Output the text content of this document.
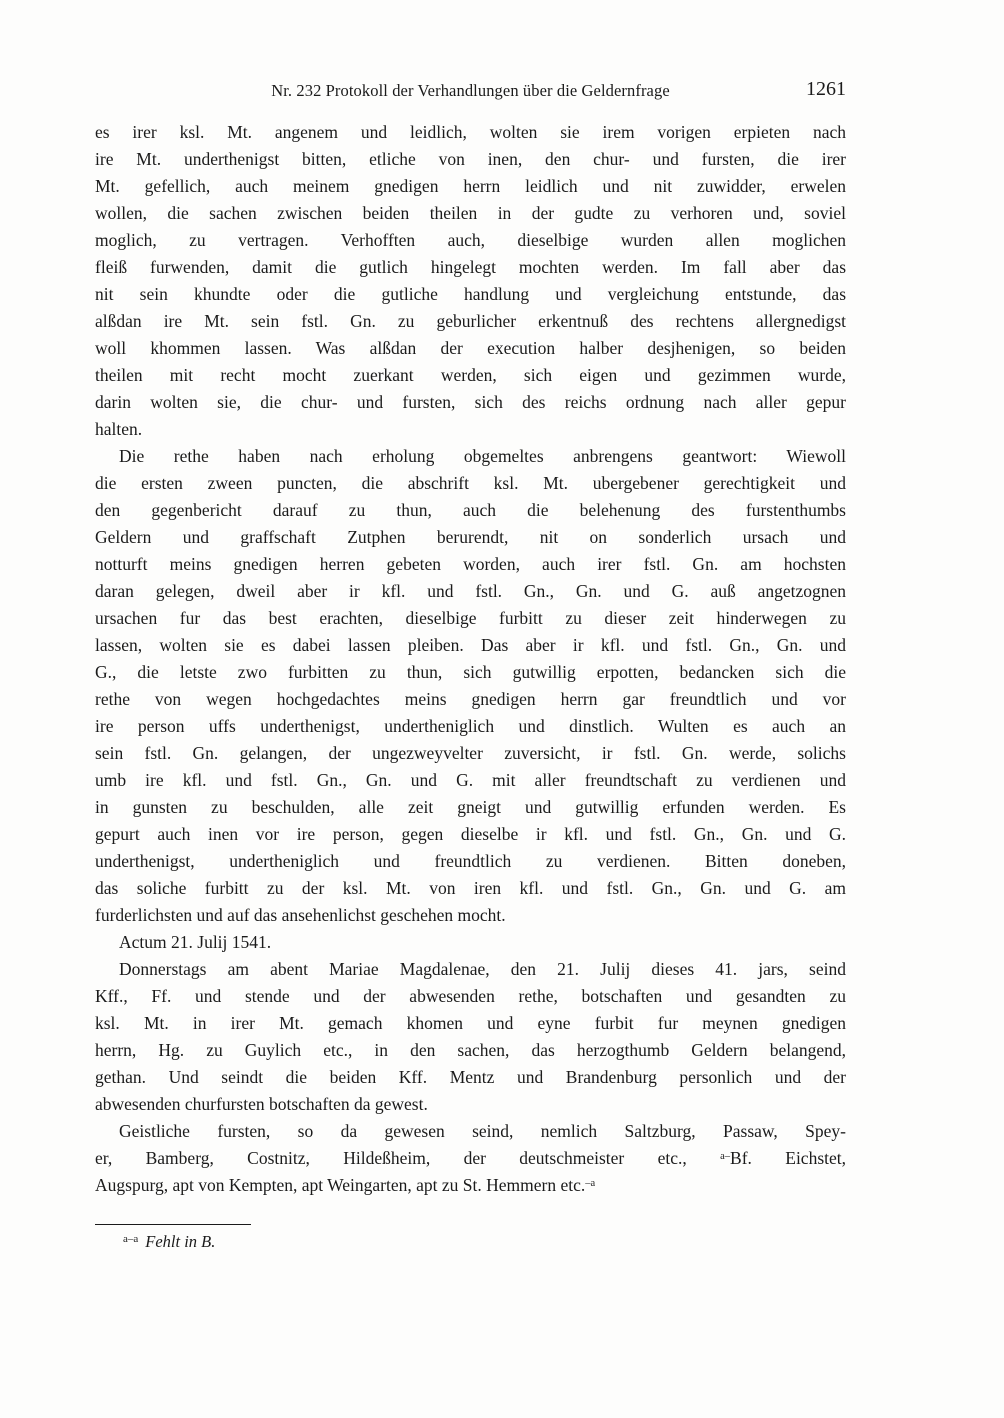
Nr. 232 Protokoll der Verhandlungen über die Geldernfrage	1261
es irer ksl. Mt. angenem und leidlich, wolten sie irem vorigen erpieten nach
ire Mt. underthenigst bitten, etliche von inen, den chur- und fursten, die irer
Mt. gefellich, auch meinem gnedigen herrn leidlich und nit zuwidder, erwelen
wollen, die sachen zwischen beiden theilen in der gudte zu verhoren und, soviel
moglich, zu vertragen. Verhofften auch, dieselbige wurden allen moglichen
fleiß furwenden, damit die gutlich hingelegt mochten werden. Im fall aber das
nit sein khundte oder die gutliche handlung und vergleichung entstunde, das
alßdan ire Mt. sein fstl. Gn. zu geburlicher erkentnuß des rechtens allergnedigst
woll khommen lassen. Was alßdan der execution halber desjhenigen, so beiden
theilen mit recht mocht zuerkant werden, sich eigen und gezimmen wurde,
darin wolten sie, die chur- und fursten, sich des reichs ordnung nach aller gepur
halten.
Die rethe haben nach erholung obgemeltes anbrengens geantwort: Wiewoll
die ersten zween puncten, die abschrift ksl. Mt. ubergebener gerechtigkeit und
den gegenbericht darauf zu thun, auch die belehenung des furstenthumbs
Geldern und graffschaft Zutphen berurendt, nit on sonderlich ursach und
notturft meins gnedigen herren gebeten worden, auch irer fstl. Gn. am hochsten
daran gelegen, dweil aber ir kfl. und fstl. Gn., Gn. und G. auß angetzognen
ursachen fur das best erachten, dieselbige furbitt zu dieser zeit hinderwegen zu
lassen, wolten sie es dabei lassen pleiben. Das aber ir kfl. und fstl. Gn., Gn. und
G., die letste zwo furbitten zu thun, sich gutwillig erpotten, bedancken sich die
rethe von wegen hochgedachtes meins gnedigen herrn gar freundtlich und vor
ire person uffs underthenigst, undertheniglich und dinstlich. Wulten es auch an
sein fstl. Gn. gelangen, der ungezweyvelter zuversicht, ir fstl. Gn. werde, solichs
umb ire kfl. und fstl. Gn., Gn. und G. mit aller freundtschaft zu verdienen und
in gunsten zu beschulden, alle zeit gneigt und gutwillig erfunden werden. Es
gepurt auch inen vor ire person, gegen dieselbe ir kfl. und fstl. Gn., Gn. und G.
underthenigst, undertheniglich und freundtlich zu verdienen. Bitten doneben,
das soliche furbitt zu der ksl. Mt. von iren kfl. und fstl. Gn., Gn. und G. am
furderlichsten und auf das ansehenlichst geschehen mocht.
Actum 21. Julij 1541.
Donnerstags am abent Mariae Magdalenae, den 21. Julij dieses 41. jars, seind
Kff., Ff. und stende und der abwesenden rethe, botschaften und gesandten zu
ksl. Mt. in irer Mt. gemach khomen und eyne furbit fur meynen gnedigen
herrn, Hg. zu Guylich etc., in den sachen, das herzogthumb Geldern belangend,
gethan. Und seindt die beiden Kff. Mentz und Brandenburg personlich und der
abwesenden churfursten botschaften da gewest.
Geistliche fursten, so da gewesen seind, nemlich Saltzburg, Passaw, Spey-
er, Bamberg, Costnitz, Hildeßheim, der deutschmeister etc., $^{a-}$Bf. Eichstet,
Augspurg, apt von Kempten, apt Weingarten, apt zu St. Hemmern etc.$^{-a}$
$^{a-a}$ Fehlt in B.
